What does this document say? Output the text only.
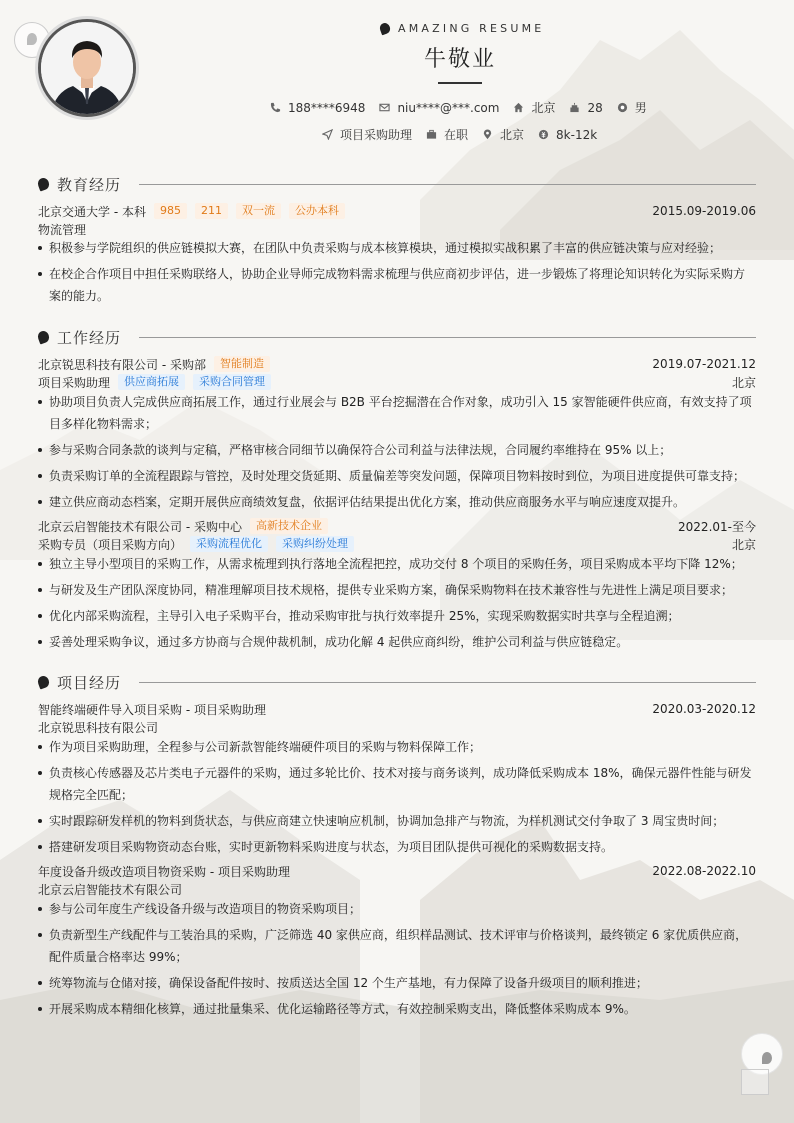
AMAZING RESUME
牛敬业
188****6948	niu****@***.com	北京	28	男
项目采购助理	在职	北京	8k-12k
教育经历
北京交通大学 - 本科	985	211	双一流	公办本科	2015.09-2019.06
物流管理
积极参与学院组织的供应链模拟大赛，在团队中负责采购与成本核算模块，通过模拟实战积累了丰富的供应链决策与应对经验；
在校企合作项目中担任采购联络人，协助企业导师完成物料需求梳理与供应商初步评估，进一步锻炼了将理论知识转化为实际采购方案的能力。
工作经历
北京锐思科技有限公司 - 采购部	智能制造	2019.07-2021.12
项目采购助理	供应商拓展	采购合同管理	北京
协助项目负责人完成供应商拓展工作，通过行业展会与 B2B 平台挖掘潜在合作对象，成功引入 15 家智能硬件供应商，有效支持了项目多样化物料需求；
参与采购合同条款的谈判与定稿，严格审核合同细节以确保符合公司利益与法律法规，合同履约率维持在 95% 以上；
负责采购订单的全流程跟踪与管控，及时处理交货延期、质量偏差等突发问题，保障项目物料按时到位，为项目进度提供可靠支持；
建立供应商动态档案，定期开展供应商绩效复盘，依据评估结果提出优化方案，推动供应商服务水平与响应速度双提升。
北京云启智能技术有限公司 - 采购中心	高新技术企业	2022.01-至今
采购专员（项目采购方向）	采购流程优化	采购纠纷处理	北京
独立主导小型项目的采购工作，从需求梳理到执行落地全流程把控，成功交付 8 个项目的采购任务，项目采购成本平均下降 12%；
与研发及生产团队深度协同，精准理解项目技术规格，提供专业采购方案，确保采购物料在技术兼容性与先进性上满足项目要求；
优化内部采购流程，主导引入电子采购平台，推动采购审批与执行效率提升 25%，实现采购数据实时共享与全程追溯；
妥善处理采购争议，通过多方协商与合规仲裁机制，成功化解 4 起供应商纠纷，维护公司利益与供应链稳定。
项目经历
智能终端硬件导入项目采购 - 项目采购助理	2020.03-2020.12
北京锐思科技有限公司
作为项目采购助理，全程参与公司新款智能终端硬件项目的采购与物料保障工作；
负责核心传感器及芯片类电子元器件的采购，通过多轮比价、技术对接与商务谈判，成功降低采购成本 18%，确保元器件性能与研发规格完全匹配；
实时跟踪研发样机的物料到货状态，与供应商建立快速响应机制，协调加急排产与物流，为样机测试交付争取了 3 周宝贵时间；
搭建研发项目采购物资动态台账，实时更新物料采购进度与状态，为项目团队提供可视化的采购数据支持。
年度设备升级改造项目物资采购 - 项目采购助理	2022.08-2022.10
北京云启智能技术有限公司
参与公司年度生产线设备升级与改造项目的物资采购项目；
负责新型生产线配件与工装治具的采购，广泛筛选 40 家供应商，组织样品测试、技术评审与价格谈判，最终锁定 6 家优质供应商，配件质量合格率达 99%；
统筹物流与仓储对接，确保设备配件按时、按质送达全国 12 个生产基地，有力保障了设备升级项目的顺利推进；
开展采购成本精细化核算，通过批量集采、优化运输路径等方式，有效控制采购支出，降低整体采购成本 9%。
